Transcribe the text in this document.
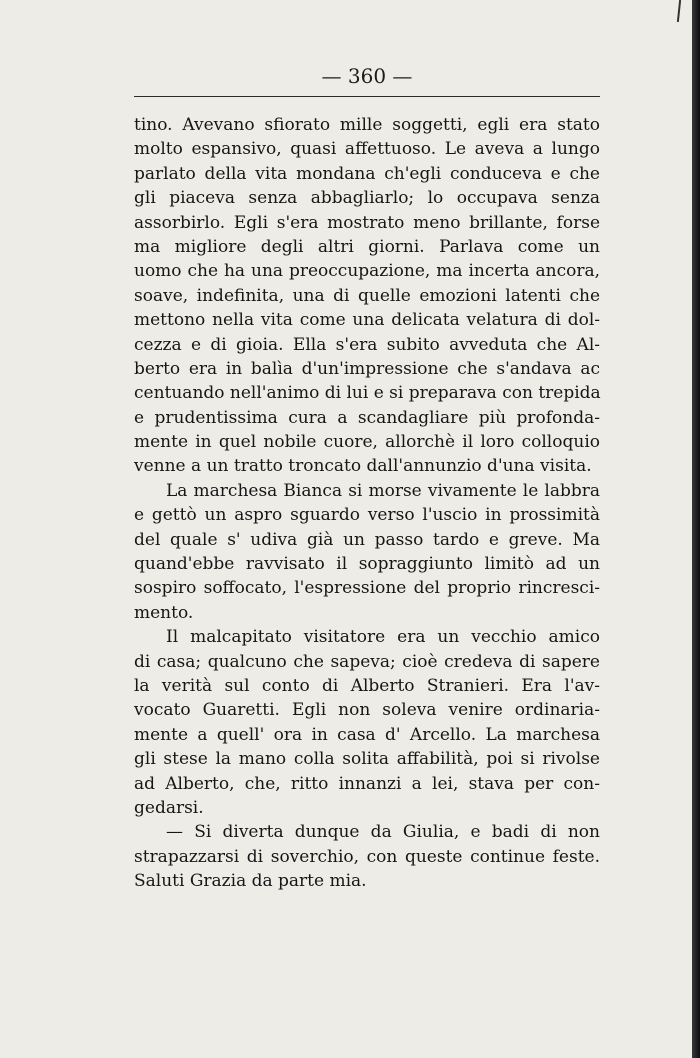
— 360 —
tino. Avevano sfiorato mille soggetti, egli era stato
molto espansivo, quasi affettuoso. Le aveva a lungo
parlato della vita mondana ch'egli conduceva e che
gli piaceva senza abbagliarlo; lo occupava senza
assorbirlo. Egli s'era mostrato meno brillante, forse
ma migliore degli altri giorni. Parlava come un
uomo che ha una preoccupazione, ma incerta ancora,
soave, indefinita, una di quelle emozioni latenti che
mettono nella vita come una delicata velatura di dol-
cezza e di gioia. Ella s'era subito avveduta che Al-
berto era in balìa d'un'impressione che s'andava ac
centuando nell'animo di lui e si preparava con trepida
e prudentissima cura a scandagliare più profonda-
mente in quel nobile cuore, allorchè il loro colloquio
venne a un tratto troncato dall'annunzio d'una visita.
La marchesa Bianca si morse vivamente le labbra
e gettò un aspro sguardo verso l'uscio in prossimità
del quale s' udiva già un passo tardo e greve. Ma
quand'ebbe ravvisato il sopraggiunto limitò ad un
sospiro soffocato, l'espressione del proprio rincresci-
mento.
Il malcapitato visitatore era un vecchio amico
di casa; qualcuno che sapeva; cioè credeva di sapere
la verità sul conto di Alberto Stranieri. Era l'av-
vocato Guaretti. Egli non soleva venire ordinaria-
mente a quell' ora in casa d' Arcello. La marchesa
gli stese la mano colla solita affabilità, poi si rivolse
ad Alberto, che, ritto innanzi a lei, stava per con-
gedarsi.
— Si diverta dunque da Giulia, e badi di non
strapazzarsi di soverchio, con queste continue feste.
Saluti Grazia da parte mia.
